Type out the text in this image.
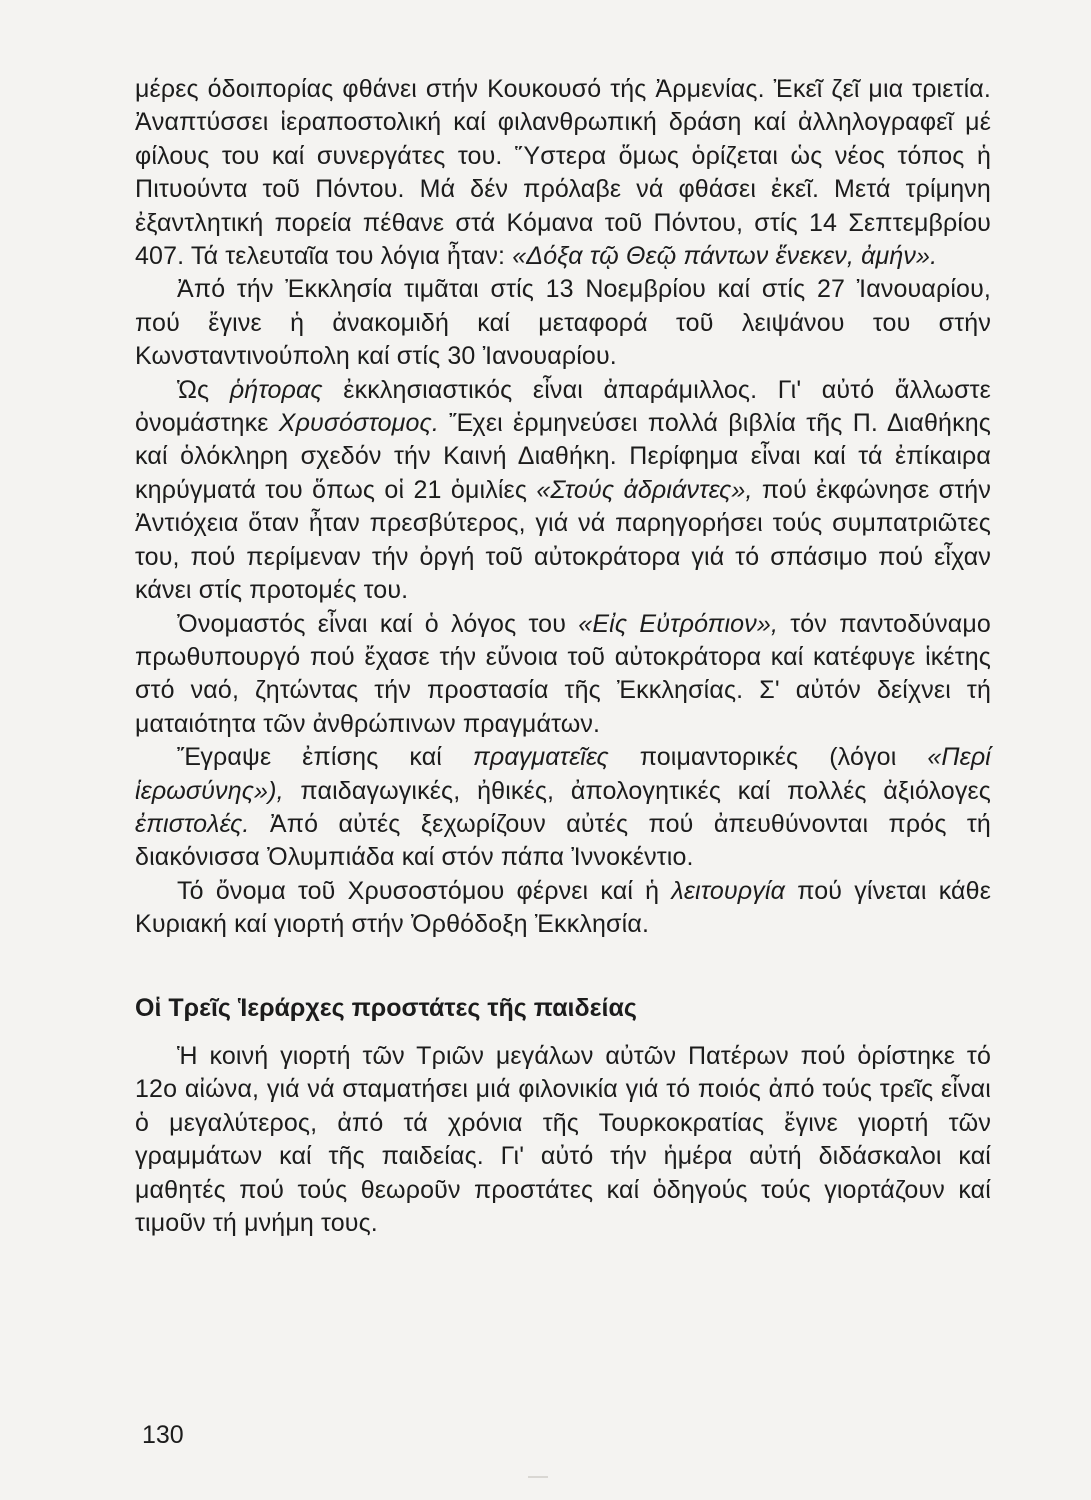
μέρες όδοιπορίας φθάνει στήν Κουκουσό τής Ἀρμενίας. Ἐκεῖ ζεῖ μια τριετία. Ἀναπτύσσει ἱεραποστολική καί φιλανθρωπική δράση καί ἀλληλογραφεῖ μέ φίλους του καί συνεργάτες του. Ὕστερα ὅμως ὁρίζεται ὡς νέος τόπος ἡ Πιτυούντα τοῦ Πόντου. Μά δέν πρόλαβε νά φθάσει ἐκεῖ. Μετά τρίμηνη ἐξαντλητική πορεία πέθανε στά Κόμανα τοῦ Πόντου, στίς 14 Σεπτεμβρίου 407. Τά τελευταῖα του λόγια ἦταν: «Δόξα τῷ Θεῷ πάντων ἕνεκεν, ἀμήν».

Ἀπό τήν Ἐκκλησία τιμᾶται στίς 13 Νοεμβρίου καί στίς 27 Ἰανουαρίου, πού ἔγινε ἡ ἀνακομιδή καί μεταφορά τοῦ λειψάνου του στήν Κωνσταντινούπολη καί στίς 30 Ἰανουαρίου.

Ὡς ῥήτορας ἐκκλησιαστικός εἶναι ἀπαράμιλλος. Γι' αὐτό ἄλλωστε ὀνομάστηκε Χρυσόστομος. Ἔχει ἑρμηνεύσει πολλά βιβλία τῆς Π. Διαθήκης καί ὁλόκληρη σχεδόν τήν Καινή Διαθήκη. Περίφημα εἶναι καί τά ἐπίκαιρα κηρύγματά του ὅπως οἱ 21 ὁμιλίες «Στούς ἀδριάντες», πού ἐκφώνησε στήν Ἀντιόχεια ὅταν ἦταν πρεσβύτερος, γιά νά παρηγορήσει τούς συμπατριῶτες του, πού περίμεναν τήν ὀργή τοῦ αὐτοκράτορα γιά τό σπάσιμο πού εἶχαν κάνει στίς προτομές του.

Ὀνομαστός εἶναι καί ὁ λόγος του «Εἰς Εὐτρόπιον», τόν παντοδύναμο πρωθυπουργό πού ἔχασε τήν εὔνοια τοῦ αὐτοκράτορα καί κατέφυγε ἱκέτης στό ναό, ζητώντας τήν προστασία τῆς Ἐκκλησίας. Σ' αὐτόν δείχνει τή ματαιότητα τῶν ἀνθρώπινων πραγμάτων.

Ἔγραψε ἐπίσης καί πραγματεῖες ποιμαντορικές (λόγοι «Περί ἱερωσύνης»), παιδαγωγικές, ἠθικές, ἀπολογητικές καί πολλές ἀξιόλογες ἐπιστολές. Ἀπό αὐτές ξεχωρίζουν αὐτές πού ἀπευθύνονται πρός τή διακόνισσα Ὀλυμπιάδα καί στόν πάπα Ἰννοκέντιο.

Τό ὄνομα τοῦ Χρυσοστόμου φέρνει καί ἡ λειτουργία πού γίνεται κάθε Κυριακή καί γιορτή στήν Ὀρθόδοξη Ἐκκλησία.

Οἱ Τρεῖς Ἱεράρχες προστάτες τῆς παιδείας

Ἡ κοινή γιορτή τῶν Τριῶν μεγάλων αὐτῶν Πατέρων πού ὁρίστηκε τό 12ο αἰώνα, γιά νά σταματήσει μιά φιλονικία γιά τό ποιός ἀπό τούς τρεῖς εἶναι ὁ μεγαλύτερος, ἀπό τά χρόνια τῆς Τουρκοκρατίας ἔγινε γιορτή τῶν γραμμάτων καί τῆς παιδείας. Γι' αὐτό τήν ἡμέρα αὐτή διδάσκαλοι καί μαθητές πού τούς θεωροῦν προστάτες καί ὁδηγούς τούς γιορτάζουν καί τιμοῦν τή μνήμη τους.

130
